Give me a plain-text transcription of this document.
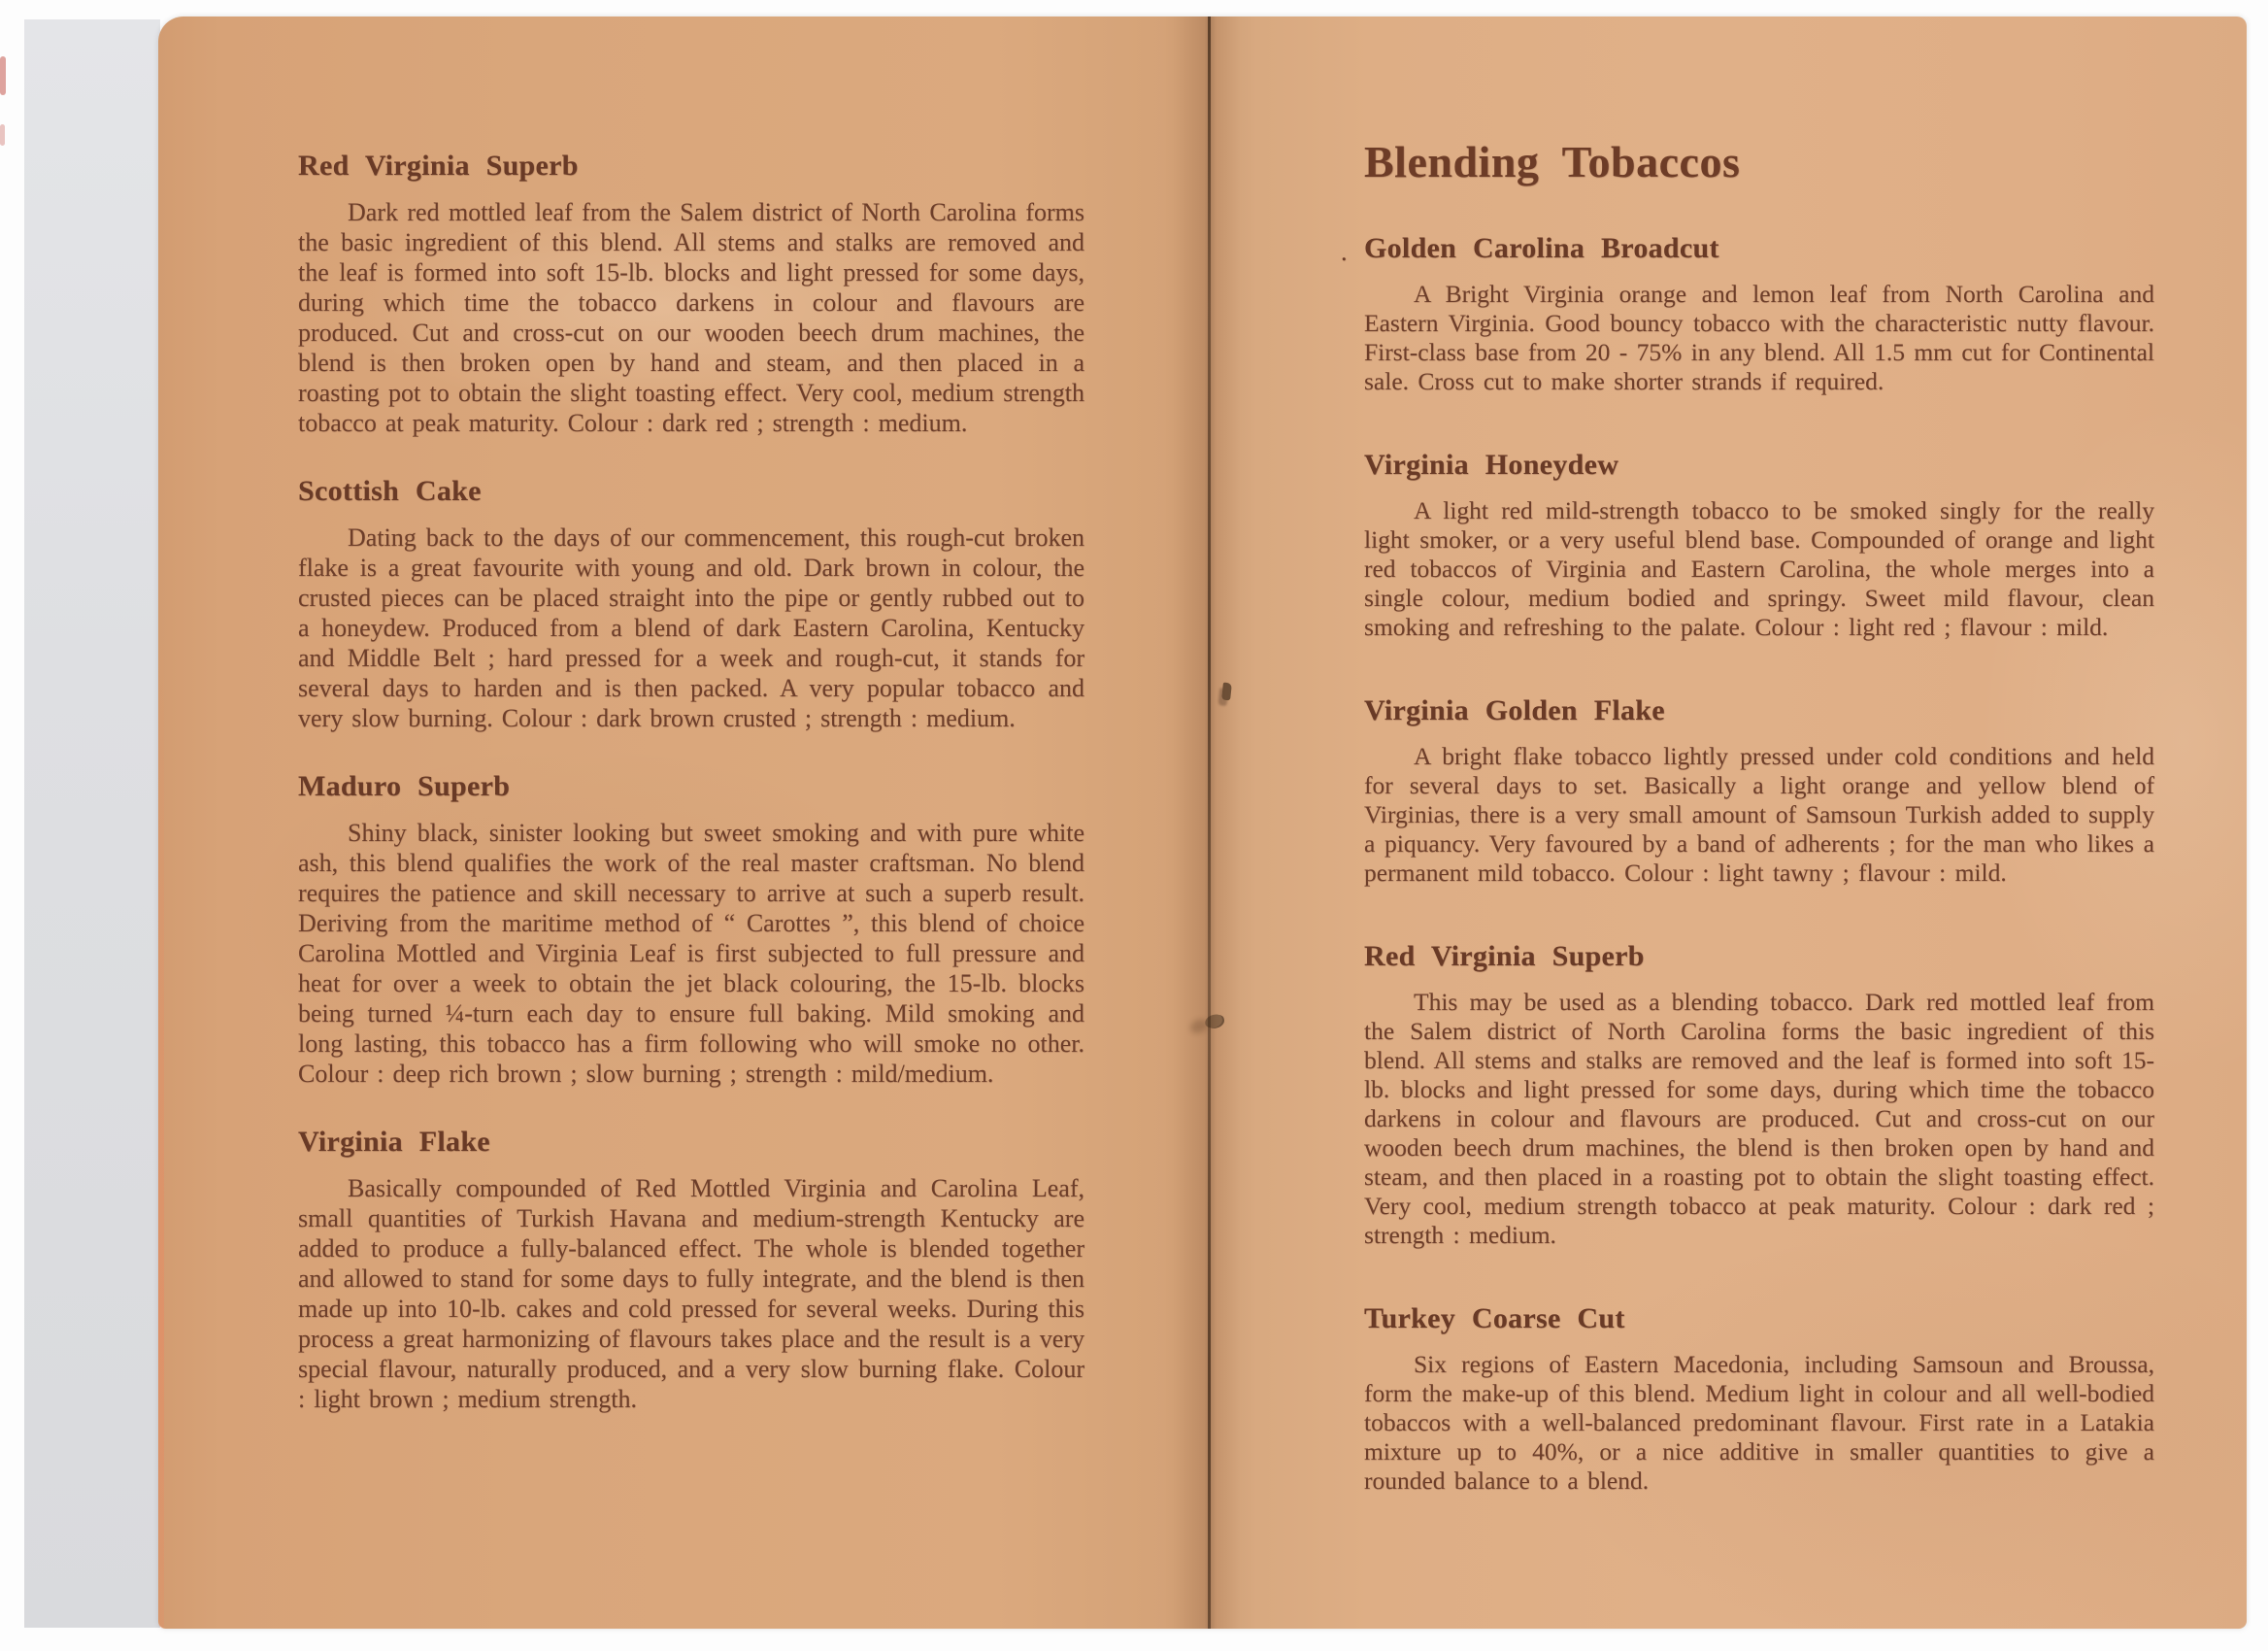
Red Virginia Superb

Dark red mottled leaf from the Salem district of North Carolina forms the basic ingredient of this blend. All stems and stalks are removed and the leaf is formed into soft 15-lb. blocks and light pressed for some days, during which time the tobacco darkens in colour and flavours are produced. Cut and cross-cut on our wooden beech drum machines, the blend is then broken open by hand and steam, and then placed in a roasting pot to obtain the slight toasting effect. Very cool, medium strength tobacco at peak maturity. Colour : dark red ; strength : medium.

Scottish Cake

Dating back to the days of our commencement, this rough-cut broken flake is a great favourite with young and old. Dark brown in colour, the crusted pieces can be placed straight into the pipe or gently rubbed out to a honeydew. Produced from a blend of dark Eastern Carolina, Kentucky and Middle Belt ; hard pressed for a week and rough-cut, it stands for several days to harden and is then packed. A very popular tobacco and very slow burning. Colour : dark brown crusted ; strength : medium.

Maduro Superb

Shiny black, sinister looking but sweet smoking and with pure white ash, this blend qualifies the work of the real master craftsman. No blend requires the patience and skill necessary to arrive at such a superb result. Deriving from the maritime method of “ Carottes ”, this blend of choice Carolina Mottled and Virginia Leaf is first subjected to full pressure and heat for over a week to obtain the jet black colouring, the 15-lb. blocks being turned ¼-turn each day to ensure full baking. Mild smoking and long lasting, this tobacco has a firm following who will smoke no other. Colour : deep rich brown ; slow burning ; strength : mild/medium.

Virginia Flake

Basically compounded of Red Mottled Virginia and Carolina Leaf, small quantities of Turkish Havana and medium-strength Kentucky are added to produce a fully-balanced effect. The whole is blended together and allowed to stand for some days to fully integrate, and the blend is then made up into 10-lb. cakes and cold pressed for several weeks. During this process a great harmonizing of flavours takes place and the result is a very special flavour, naturally produced, and a very slow burning flake. Colour : light brown ; medium strength.

Blending Tobaccos
. Golden Carolina Broadcut

A Bright Virginia orange and lemon leaf from North Carolina and Eastern Virginia. Good bouncy tobacco with the characteristic nutty flavour. First-class base from 20 - 75% in any blend. All 1.5 mm cut for Continental sale. Cross cut to make shorter strands if required.

Virginia Honeydew

A light red mild-strength tobacco to be smoked singly for the really light smoker, or a very useful blend base. Compounded of orange and light red tobaccos of Virginia and Eastern Carolina, the whole merges into a single colour, medium bodied and springy. Sweet mild flavour, clean smoking and refreshing to the palate. Colour : light red ; flavour : mild.

Virginia Golden Flake

A bright flake tobacco lightly pressed under cold conditions and held for several days to set. Basically a light orange and yellow blend of Virginias, there is a very small amount of Samsoun Turkish added to supply a piquancy. Very favoured by a band of adherents ; for the man who likes a permanent mild tobacco. Colour : light tawny ; flavour : mild.

Red Virginia Superb

This may be used as a blending tobacco. Dark red mottled leaf from the Salem district of North Carolina forms the basic ingredient of this blend. All stems and stalks are removed and the leaf is formed into soft 15-lb. blocks and light pressed for some days, during which time the tobacco darkens in colour and flavours are produced. Cut and cross-cut on our wooden beech drum machines, the blend is then broken open by hand and steam, and then placed in a roasting pot to obtain the slight toasting effect. Very cool, medium strength tobacco at peak maturity. Colour : dark red ; strength : medium.

Turkey Coarse Cut

Six regions of Eastern Macedonia, including Samsoun and Broussa, form the make-up of this blend. Medium light in colour and all well-bodied tobaccos with a well-balanced predominant flavour. First rate in a Latakia mixture up to 40%, or a nice additive in smaller quantities to give a rounded balance to a blend.
